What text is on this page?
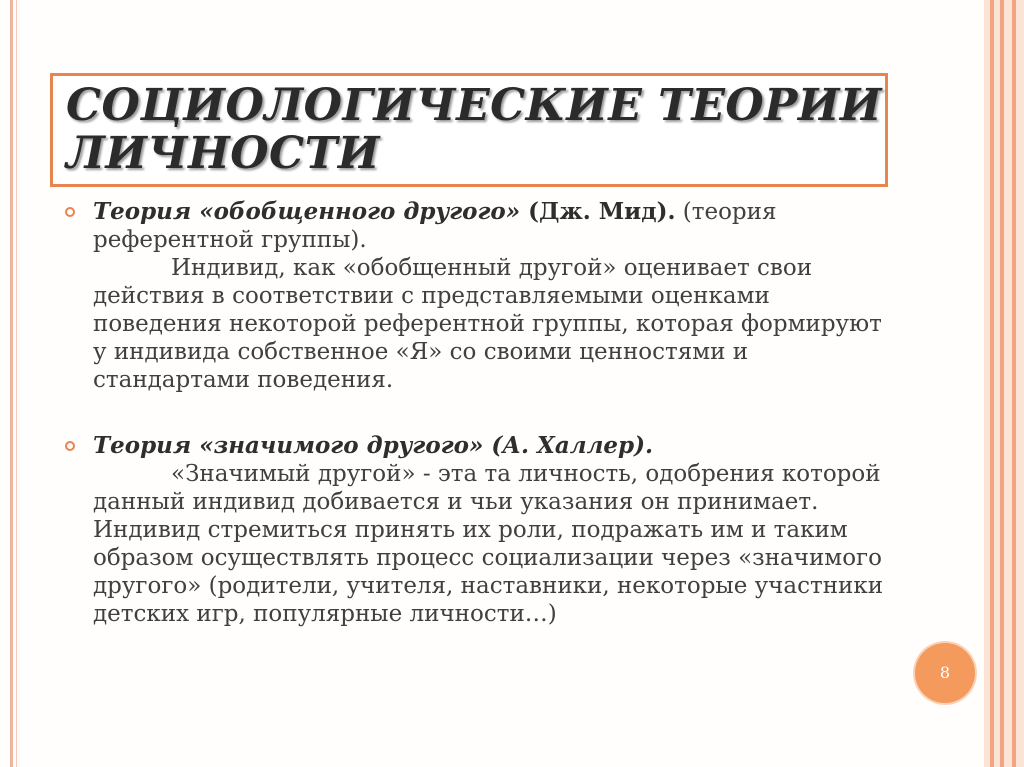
СОЦИОЛОГИЧЕСКИЕ ТЕОРИИ
ЛИЧНОСТИ

Теория «обобщенного другого» (Дж. Мид). (теория референтной группы).

Индивид, как «обобщенный другой» оценивает свои действия в соответствии с представляемыми оценками поведения некоторой референтной группы, которая формируют у индивида собственное «Я» со своими ценностями и стандартами поведения.

Теория «значимого другого» (А. Халлер).

«Значимый другой» - эта та личность, одобрения которой данный индивид добивается и чьи указания он принимает. Индивид стремиться принять их роли, подражать им и таким образом осуществлять процесс социализации через «значимого другого» (родители, учителя, наставники, некоторые участники детских игр, популярные личности…)

8
